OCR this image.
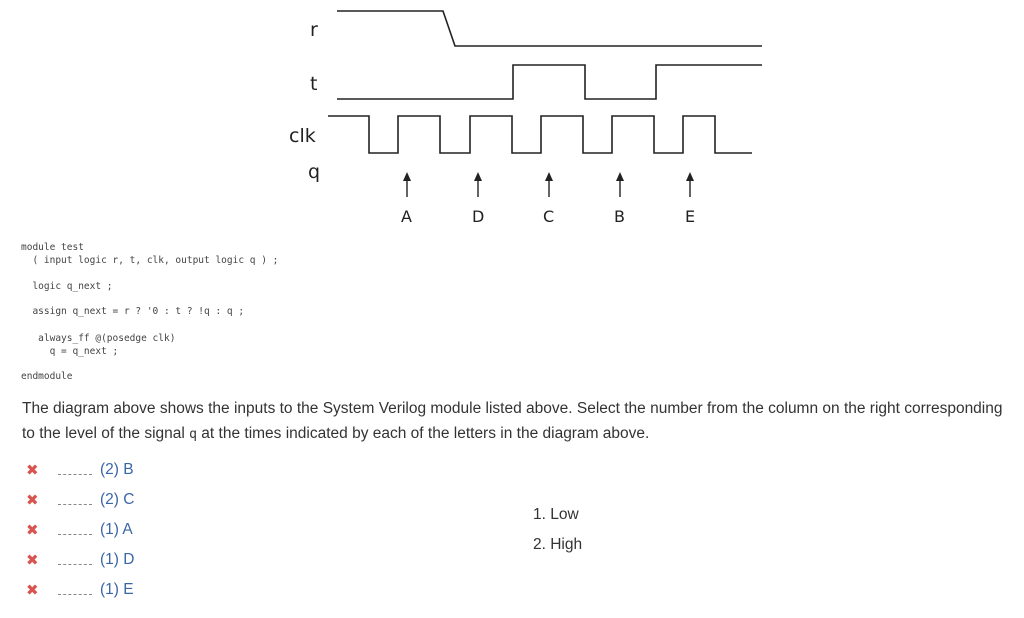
r
t
clk
q
A	D	C	B	E
module test
( input logic r, t, clk, output logic q ) ;
logic q_next ;
assign q_next = r ? '0 : t ? !q : q ;
always_ff @(posedge clk)
q = q_next ;
endmodule
The diagram above shows the inputs to the System Verilog module listed above. Select the number from the column on the right corresponding to the level of the signal q at the times indicated by each of the letters in the diagram above.
✖	(2) B
✖	(2) C
✖	(1) A
✖	(1) D
✖	(1) E
1. Low
2. High
